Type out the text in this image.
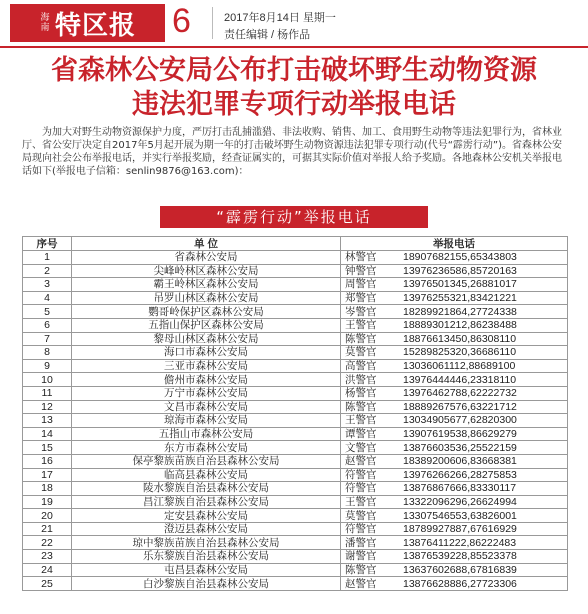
海南 特区报 6	2017年8月14日 星期一
责任编辑 / 杨作品
省森林公安局公布打击破坏野生动物资源
违法犯罪专项行动举报电话
为加大对野生动物资源保护力度，严厉打击乱捕滥猎、非法收购、销售、加工、食用野生动物等违法犯罪行为，省林业厅、省公安厅决定自2017年5月起开展为期一年的打击破坏野生动物资源违法犯罪专项行动(代号“霹雳行动”)。省森林公安局现向社会公布举报电话，并实行举报奖励，经查证属实的，可据其实际价值对举报人给予奖励。各地森林公安机关举报电话如下(举报电子信箱：senlin9876@163.com)：
“霹雳行动”举报电话
序号	单 位	举报电话	
1	省森林公安局	林警官	18907682155,65343803
2	尖峰岭林区森林公安局	钟警官	13976236586,85720163
3	霸王岭林区森林公安局	周警官	13976501345,26881017
4	吊罗山林区森林公安局	郑警官	13976255321,83421221
5	鹦哥岭保护区森林公安局	岑警官	18289921864,27724338
6	五指山保护区森林公安局	王警官	18889301212,86238488
7	黎母山林区森林公安局	陈警官	18876613450,86308110
8	海口市森林公安局	莫警官	15289825320,36686110
9	三亚市森林公安局	高警官	13036061112,88689100
10	儋州市森林公安局	洪警官	13976444446,23318110
11	万宁市森林公安局	杨警官	13976462788,62222732
12	文昌市森林公安局	陈警官	18889267576,63221712
13	琼海市森林公安局	王警官	13034905677,62820300
14	五指山市森林公安局	谭警官	13907619538,86629279
15	东方市森林公安局	文警官	13876603536,25522159
16	保亭黎族苗族自治县森林公安局	赵警官	18389200606,83668381
17	临高县森林公安局	符警官	13976266266,28275853
18	陵水黎族自治县森林公安局	符警官	13876867666,83330117
19	昌江黎族自治县森林公安局	王警官	13322096296,26624994
20	定安县森林公安局	莫警官	13307546553,63826001
21	澄迈县森林公安局	符警官	18789927887,67616929
22	琼中黎族苗族自治县森林公安局	潘警官	13876411222,86222483
23	乐东黎族自治县森林公安局	谢警官	13876539228,85523378
24	屯昌县森林公安局	陈警官	13637602688,67816839
25	白沙黎族自治县森林公安局	赵警官	13876628886,27723306
